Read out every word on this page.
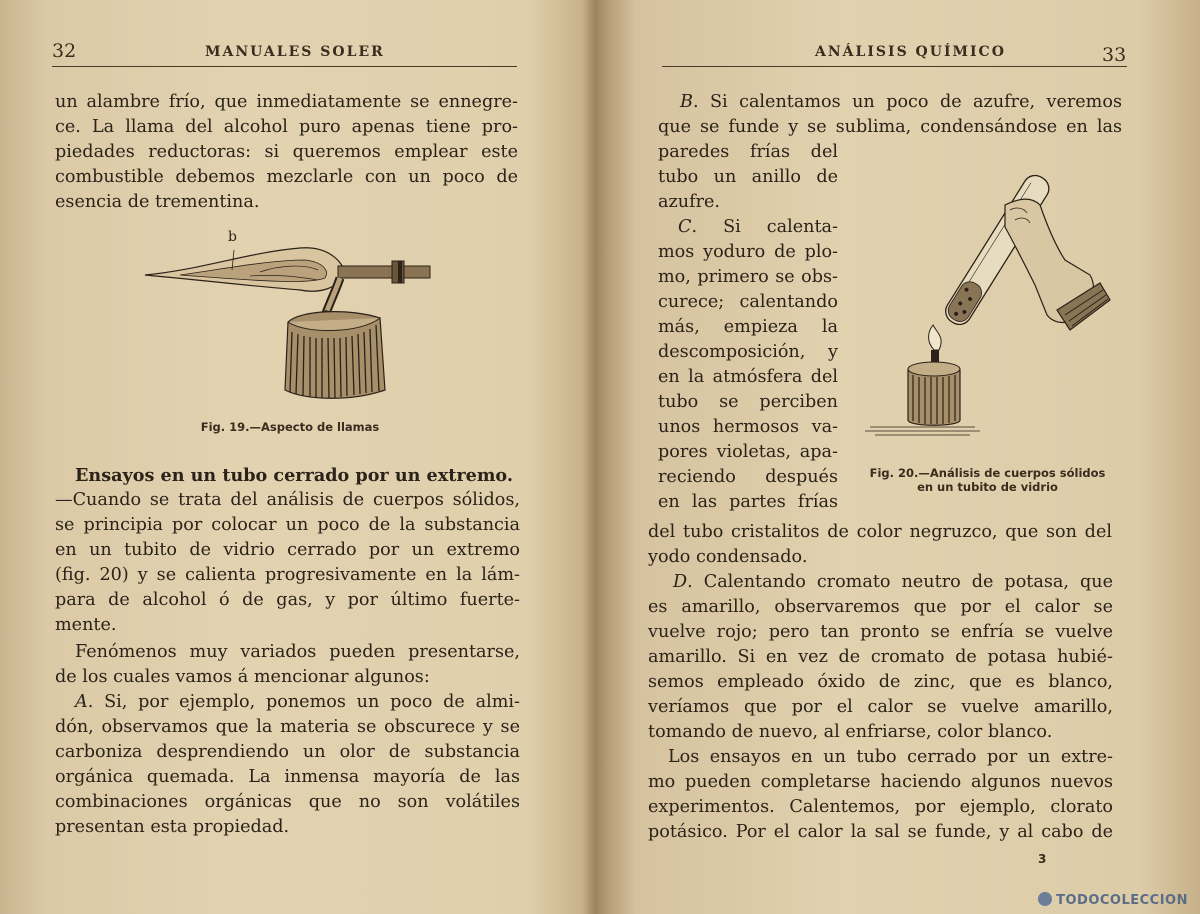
32	MANUALES SOLER
un alambre frío, que inmediatamente se ennegre-
ce. La llama del alcohol puro apenas tiene pro-
piedades reductoras: si queremos emplear este
combustible debemos mezclarle con un poco de
esencia de trementina.
b
Fig. 19.—Aspecto de llamas
Ensayos en un tubo cerrado por un extremo.
—Cuando se trata del análisis de cuerpos sólidos,
se principia por colocar un poco de la substancia
en un tubito de vidrio cerrado por un extremo
(fig. 20) y se calienta progresivamente en la lám-
para de alcohol ó de gas, y por último fuerte-
mente.
Fenómenos muy variados pueden presentarse,
de los cuales vamos á mencionar algunos:
A . Si, por ejemplo, ponemos un poco de almi-
dón, observamos que la materia se obscurece y se
carboniza desprendiendo un olor de substancia
orgánica quemada. La inmensa mayoría de las
combinaciones orgánicas que no son volátiles
presentan esta propiedad.
ANÁLISIS QUÍMICO	33
B . Si calentamos un poco de azufre, veremos
que se funde y se sublima, condensándose en las
paredes frías del
tubo un anillo de
azufre.
C . Si calenta-
mos yoduro de plo-
mo, primero se obs-
curece; calentando
más, empieza la
descomposición, y
en la atmósfera del
tubo se perciben
unos hermosos va-
pores violetas, apa-
reciendo después
en las partes frías
del tubo cristalitos de color negruzco, que son del
yodo condensado.
Fig. 20.—Análisis de cuerpos sólidos
en un tubito de vidrio
D . Calentando cromato neutro de potasa, que
es amarillo, observaremos que por el calor se
vuelve rojo; pero tan pronto se enfría se vuelve
amarillo. Si en vez de cromato de potasa hubié-
semos empleado óxido de zinc, que es blanco,
veríamos que por el calor se vuelve amarillo,
tomando de nuevo, al enfriarse, color blanco.
Los ensayos en un tubo cerrado por un extre-
mo pueden completarse haciendo algunos nuevos
experimentos. Calentemos, por ejemplo, clorato
potásico. Por el calor la sal se funde, y al cabo de
3
TODOCOLECCION
